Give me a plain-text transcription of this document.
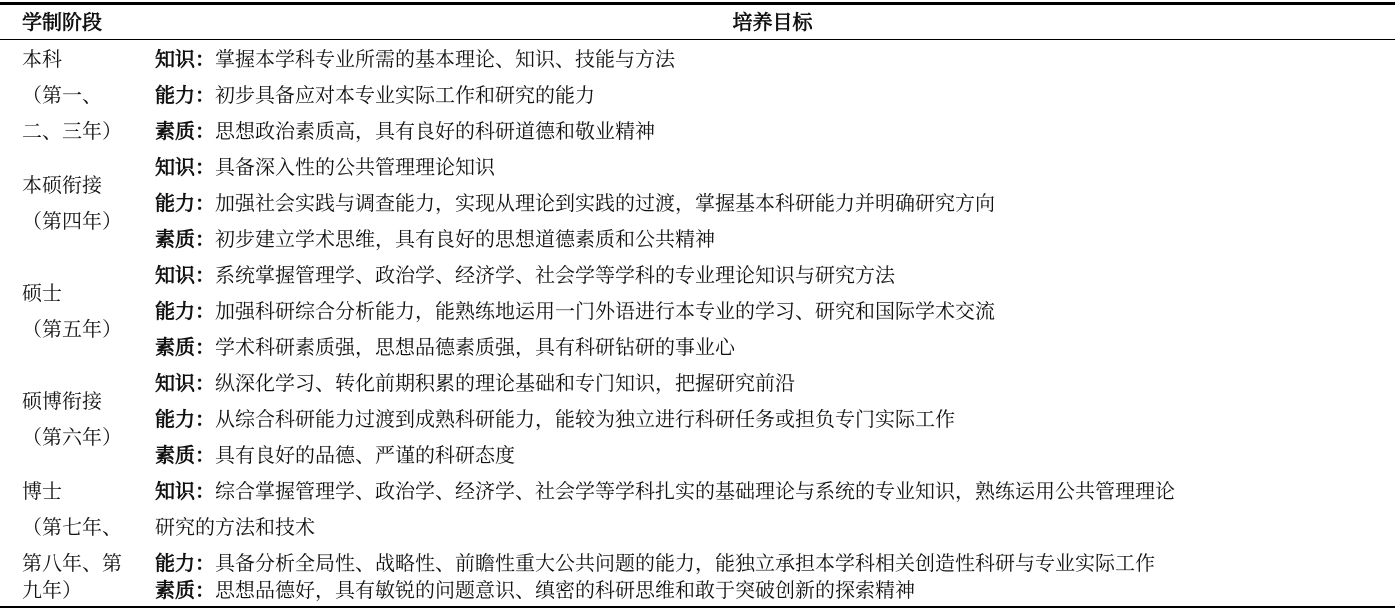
学制阶段	培养目标
本科
（第一、
二、三年）
知识：掌握本学科专业所需的基本理论、知识、技能与方法
能力：初步具备应对本专业实际工作和研究的能力
素质：思想政治素质高，具有良好的科研道德和敬业精神
本硕衔接
（第四年）
知识：具备深入性的公共管理理论知识
能力：加强社会实践与调查能力，实现从理论到实践的过渡，掌握基本科研能力并明确研究方向
素质：初步建立学术思维，具有良好的思想道德素质和公共精神
硕士
（第五年）
知识：系统掌握管理学、政治学、经济学、社会学等学科的专业理论知识与研究方法
能力：加强科研综合分析能力，能熟练地运用一门外语进行本专业的学习、研究和国际学术交流
素质：学术科研素质强，思想品德素质强，具有科研钻研的事业心
硕博衔接
（第六年）
知识：纵深化学习、转化前期积累的理论基础和专门知识，把握研究前沿
能力：从综合科研能力过渡到成熟科研能力，能较为独立进行科研任务或担负专门实际工作
素质：具有良好的品德、严谨的科研态度
博士
（第七年、
第八年、第
九年）
知识：综合掌握管理学、政治学、经济学、社会学等学科扎实的基础理论与系统的专业知识，熟练运用公共管理理论
研究的方法和技术
能力：具备分析全局性、战略性、前瞻性重大公共问题的能力，能独立承担本学科相关创造性科研与专业实际工作
素质：思想品德好，具有敏锐的问题意识、缜密的科研思维和敢于突破创新的探索精神
